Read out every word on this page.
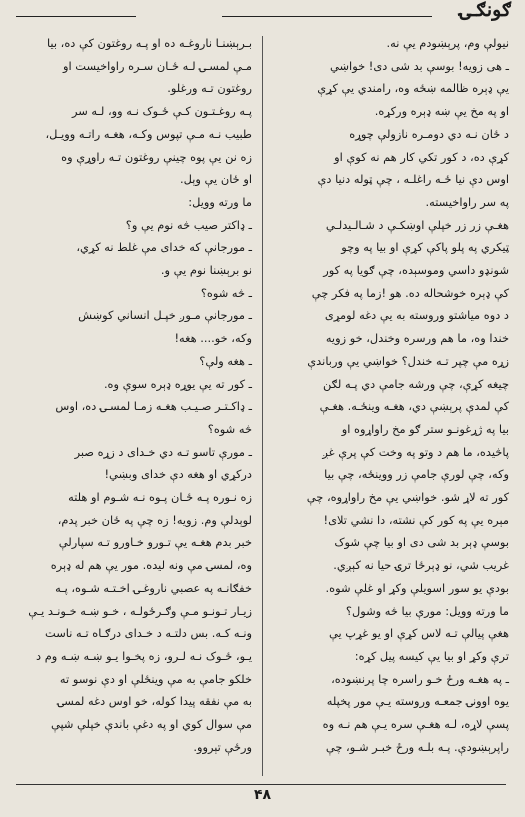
ګونګـۍ

نيولې وم، پرېښودم يې نه.

ـ هی زويه! بوسې بد شی دی! خواښي

يې ډېره ظالمه ښځه وه، رامندي يې کړې

او په مخ يې ښه ډېره وركړه.

د ځان نـه دي دومـره نازولې چوړه

کړې ده، د کور تکي کار هم نه کوې او

اوس دې نيا ځـه راغلـه ، چې ټوله دنيا دې

په سر راواخيسته.

هغـې زر زر خپلې اوښکـې د شـالـيدلـي

ټيکري په پلو پاکې کړې او بيا په وچو

شونډو داسي وموسېده، چې ګويا په کور

کې ډېره خوشحاله ده. هو !زما په فکر چې

د دوه مياشتو وروسته به يې دغه لومړی

خندا وه، ما هم ورسره وخندل، خو زويه

زړه مې چپر تـه خندل؟ خواښي يې ورباندې

چيغه کړې، چې ورشه جامې دي پـه لګن

کې لمدې پرېښې دي، هغـه وينځـه. هغـې

بيا په ژړغونـو ستر ګو مخ راواړوه او

پاڅيده، ما هم د وتو په وخت کې پرې غږ

وکه، چې لورې جامې زر ووينځه، چې بيا

کور ته لاړ شو. خواښي يې مخ راواړوه، چې

مېره يې په کور کې نشته، دا نشي تلای!

بوسې ډېر بد شی دی او بيا چې شوک

غريب شي، نو ډېرځا ترۍ حيا نه کېږي.

بودې يو سور اسويلې وکړ او غلې شوه.

ما ورته وويل: مورې بيا څه وشول؟

هغې پيالې تـه لاس کړې او يو غړپ يې

ترې وکړ او بيا يې کيسه پيل کړه:

ـ په هغـه ورځ خـو راسره چا پرنښوده،

يوه اوونۍ جمعـه وروسته يـې مور پخپله

پسې لاړه، لـه هغـې سره يـې هم نـه وه

راپرېښودې. پـه بلـه ورځ خبـر شـو، چې

بـرېښنـا ناروغـه ده او پـه روغتون كې ده، بيا

مـې لمسـۍ لـه ځـان سـره راواخيست او

روغتون تـه ورغلو.

پـه روغـتـون كـې ځـوک نـه وو، لـه سر

طبيب نـه مـې تپوس وكـه، هغـه راتـه وويـل،

زه نن يې پوه چينې روغتون تـه راوړې وه

او ځان يې وېل.

ما ورته وويل:

ـ ډاکتر صيب څه نوم يې و؟

ـ مورجانې که خدای مې غلط نه کړي،

نو برېښنا نوم يې و.

ـ څه شوه؟

ـ مورجانې مـوږ خپـل انساني کوښش

وکه، خو.... هغه!

ـ هغه ولې؟

ـ کور ته يې يوړه ډېره سوې وه.

ـ ډاکـتـر صـيـب هغـه زمـا لمسـۍ ده، اوس

څه شوه؟

ـ مورې تاسو تـه دي خـدای د زړه صبر

درکړي او هغه دې خدای وبښي!

زه نـوره پـه ځـان پـوه نـه شـوم او هلته

لوېدلې وم. زويه! زه چې په ځان خبر پدم،

خبر بدم هغـه يې تـورو خـاورو تـه سپارلې

وه، لمسۍ مې ونه ليده. مور يې هم له ډېره

خفګانـه په عصبي ناروغـۍ اخـتـه شـوه، پـه

زيـار تـونـو مـې وګـرځولـه ، خـو ښـه خـونـد يـې

ونـه کـه. بس دلتـه د خـدای درګـاه تـه ناست

يـو، ځـوک نـه لـرو، زه پخـوا يـو ښـه ښـه وم د

خلکو جامې به مې وينځلې او دې نوسو ته

به مې نفقه پيدا کوله، خو اوس دغه لمسۍ

مې سوال کوي او په دغې باندې خپلې شپې

ورځې تېروو.

۴۸
